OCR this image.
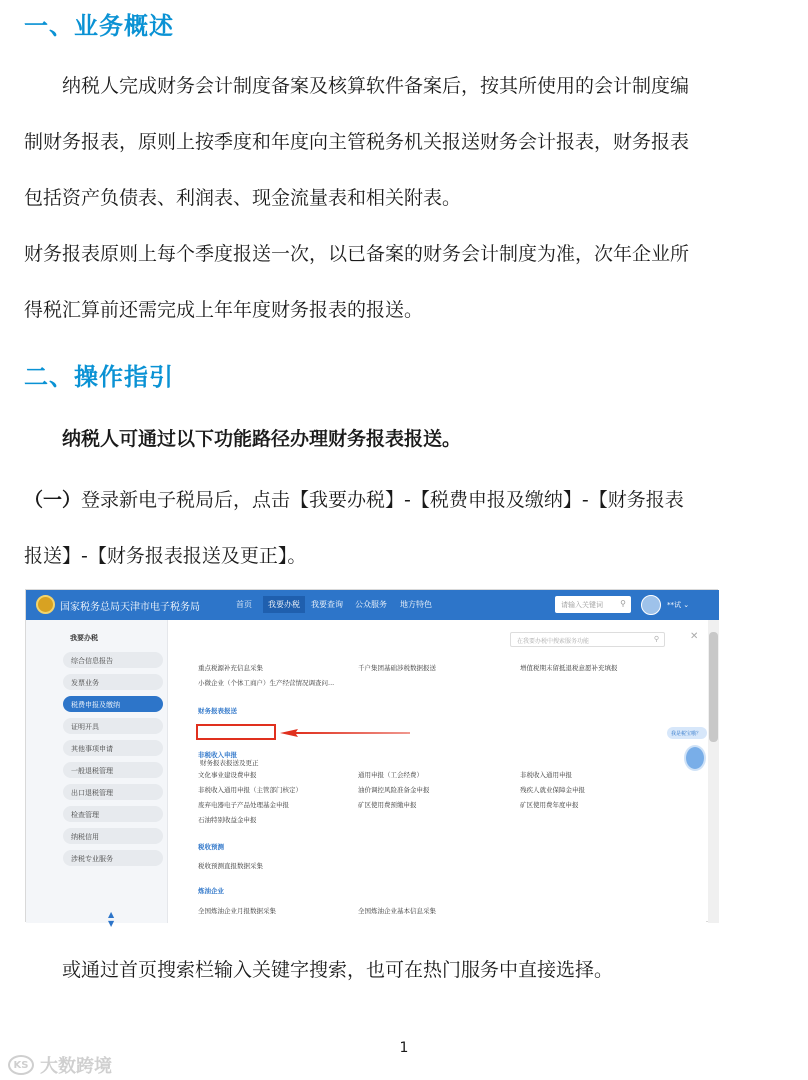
一、业务概述
纳税人完成财务会计制度备案及核算软件备案后，按其所使用的会计制度编
制财务报表，原则上按季度和年度向主管税务机关报送财务会计报表，财务报表
包括资产负债表、利润表、现金流量表和相关附表。
财务报表原则上每个季度报送一次，以已备案的财务会计制度为准，次年企业所
得税汇算前还需完成上年年度财务报表的报送。
二、操作指引
纳税人可通过以下功能路径办理财务报表报送。
（一）登录新电子税局后，点击【我要办税】-【税费申报及缴纳】-【财务报表
报送】-【财务报表报送及更正】。
国家税务总局天津市电子税务局	首页	我要办税	我要查询 公众服务 地方特色	请输入关键词 ⚲	**试 ⌄
我要办税
综合信息报告
发票业务
税费申报及缴纳
证明开具
其他事项申请
一般退税管理
出口退税管理
检查管理
纳税信用
涉税专业服务
▲
▼
在我要办税中搜索服务功能	⚲	✕
重点税源补充信息采集	千户集团基础涉税数据报送	增值税期末留抵退税意愿补充填报
小微企业（个体工商户）生产经营情况调查问...
财务报表报送
财务报表报送及更正
非税收入申报
文化事业建设费申报	通用申报（工会经费）	非税收入通用申报
非税收入通用申报（主管部门核定）	油价调控风险准备金申报	残疾人就业保障金申报
废弃电器电子产品处理基金申报	矿区使用费预缴申报	矿区使用费年度申报
石油特别收益金申报
税收预测
税收预测直报数据采集
炼油企业
全国炼油企业月报数据采集	全国炼油企业基本信息采集
我是税宝哦？
或通过首页搜索栏输入关键字搜索，也可在热门服务中直接选择。
1
KS 大数跨境
